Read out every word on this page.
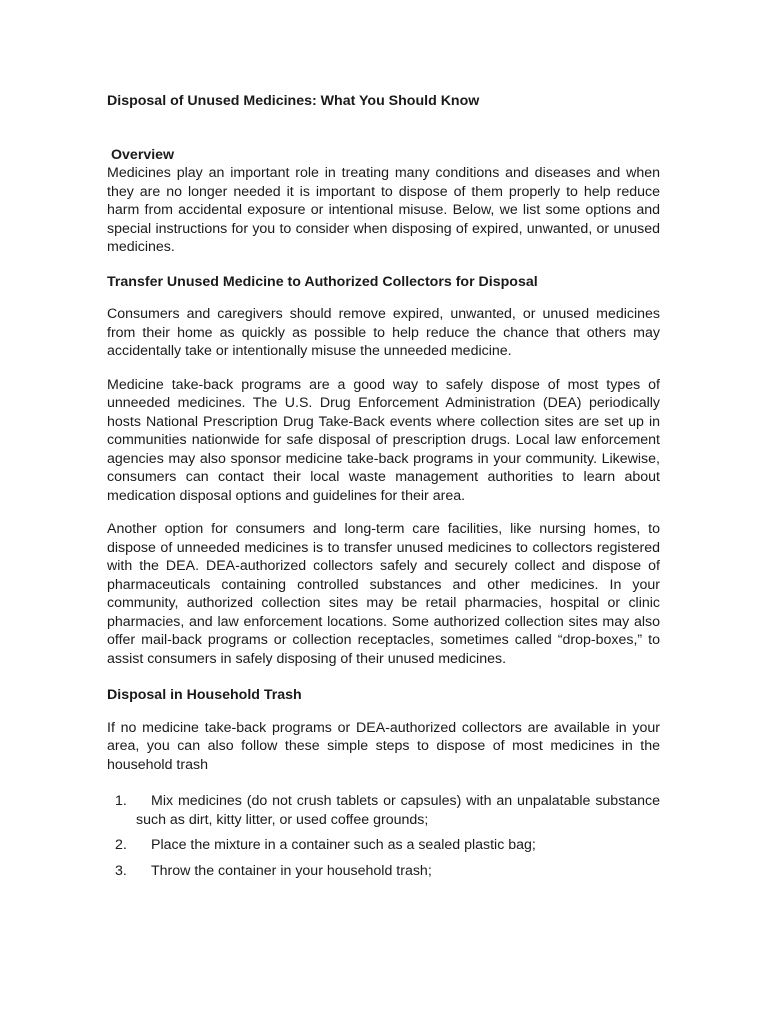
Disposal of Unused Medicines: What You Should Know
Overview

Medicines play an important role in treating many conditions and diseases and when they are no longer needed it is important to dispose of them properly to help reduce harm from accidental exposure or intentional misuse. Below, we list some options and special instructions for you to consider when disposing of expired, unwanted, or unused medicines.

Transfer Unused Medicine to Authorized Collectors for Disposal

Consumers and caregivers should remove expired, unwanted, or unused medicines from their home as quickly as possible to help reduce the chance that others may accidentally take or intentionally misuse the unneeded medicine.

Medicine take-back programs are a good way to safely dispose of most types of unneeded medicines. The U.S. Drug Enforcement Administration (DEA) periodically hosts National Prescription Drug Take-Back events where collection sites are set up in communities nationwide for safe disposal of prescription drugs. Local law enforcement agencies may also sponsor medicine take-back programs in your community. Likewise, consumers can contact their local waste management authorities to learn about medication disposal options and guidelines for their area.

Another option for consumers and long-term care facilities, like nursing homes, to dispose of unneeded medicines is to transfer unused medicines to collectors registered with the DEA. DEA-authorized collectors safely and securely collect and dispose of pharmaceuticals containing controlled substances and other medicines. In your community, authorized collection sites may be retail pharmacies, hospital or clinic pharmacies, and law enforcement locations. Some authorized collection sites may also offer mail-back programs or collection receptacles, sometimes called “drop-boxes,” to assist consumers in safely disposing of their unused medicines.

Disposal in Household Trash

If no medicine take-back programs or DEA-authorized collectors are available in your area, you can also follow these simple steps to dispose of most medicines in the household trash

1.	Mix medicines (do not crush tablets or capsules) with an unpalatable substance such as dirt, kitty litter, or used coffee grounds;
2.	Place the mixture in a container such as a sealed plastic bag;
3.	Throw the container in your household trash;
